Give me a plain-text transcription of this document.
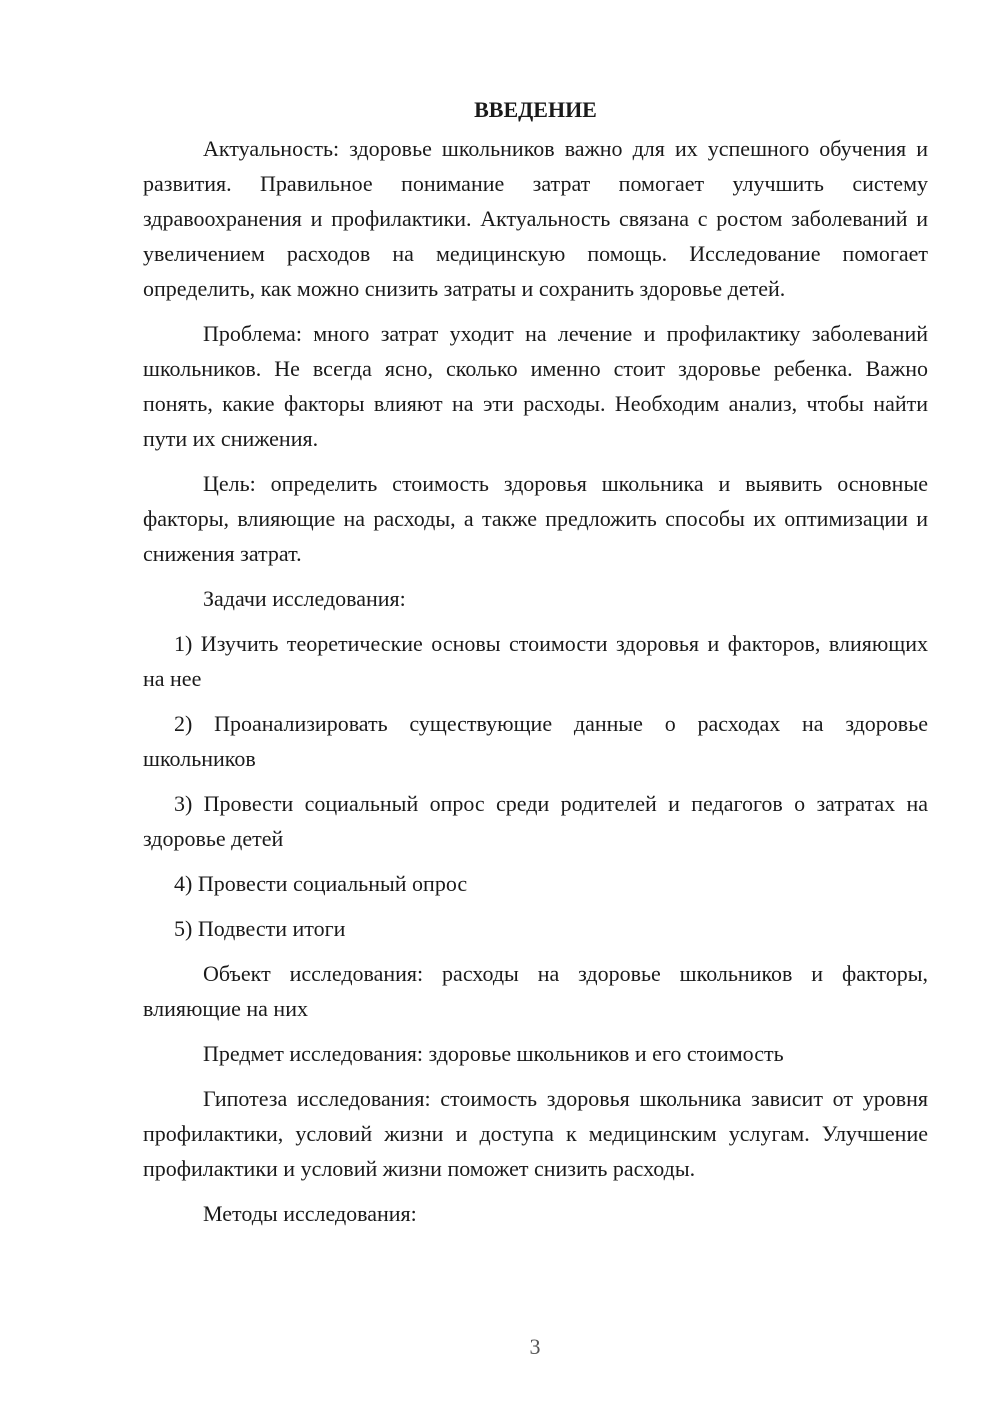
ВВЕДЕНИЕ
Актуальность: здоровье школьников важно для их успешного обучения и развития. Правильное понимание затрат помогает улучшить систему здравоохранения и профилактики. Актуальность связана с ростом заболеваний и увеличением расходов на медицинскую помощь. Исследование помогает определить, как можно снизить затраты и сохранить здоровье детей.
Проблема: много затрат уходит на лечение и профилактику заболеваний школьников. Не всегда ясно, сколько именно стоит здоровье ребенка. Важно понять, какие факторы влияют на эти расходы. Необходим анализ, чтобы найти пути их снижения.
Цель: определить стоимость здоровья школьника и выявить основные факторы, влияющие на расходы, а также предложить способы их оптимизации и снижения затрат.
Задачи исследования:
1) Изучить теоретические основы стоимости здоровья и факторов, влияющих на нее
2) Проанализировать существующие данные о расходах на здоровье школьников
3) Провести социальный опрос среди родителей и педагогов о затратах на здоровье детей
4) Провести социальный опрос
5) Подвести итоги
Объект исследования: расходы на здоровье школьников и факторы, влияющие на них
Предмет исследования: здоровье школьников и его стоимость
Гипотеза исследования: стоимость здоровья школьника зависит от уровня профилактики, условий жизни и доступа к медицинским услугам. Улучшение профилактики и условий жизни поможет снизить расходы.
Методы исследования:
3
